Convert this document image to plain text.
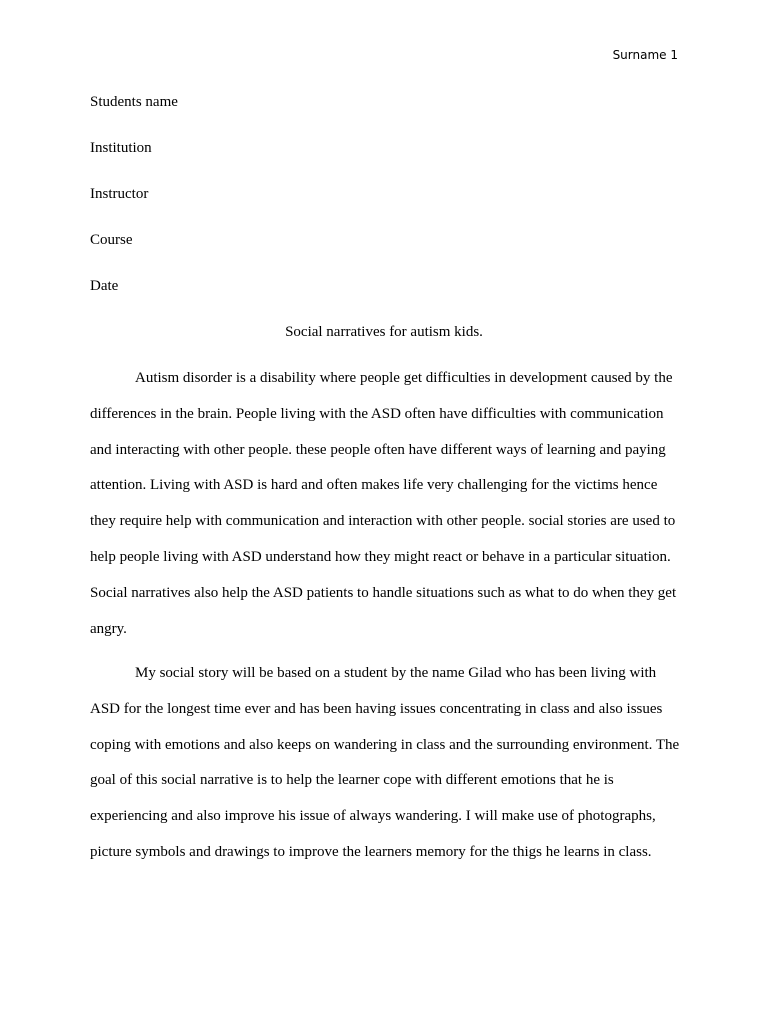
Surname 1
Students name
Institution
Instructor
Course
Date
Social narratives for autism kids.

Autism disorder is a disability where people get difficulties in development caused by the differences in the brain. People living with the ASD often have difficulties with communication and interacting with other people. these people often have different ways of learning and paying attention. Living with ASD is hard and often makes life very challenging for the victims hence they require help with communication and interaction with other people. social stories are used to help people living with ASD understand how they might react or behave in a particular situation. Social narratives also help the ASD patients to handle situations such as what to do when they get angry.

My social story will be based on a student by the name Gilad who has been living with ASD for the longest time ever and has been having issues concentrating in class and also issues coping with emotions and also keeps on wandering in class and the surrounding environment. The goal of this social narrative is to help the learner cope with different emotions that he is experiencing and also improve his issue of always wandering. I will make use of photographs, picture symbols and drawings to improve the learners memory for the thigs he learns in class.
